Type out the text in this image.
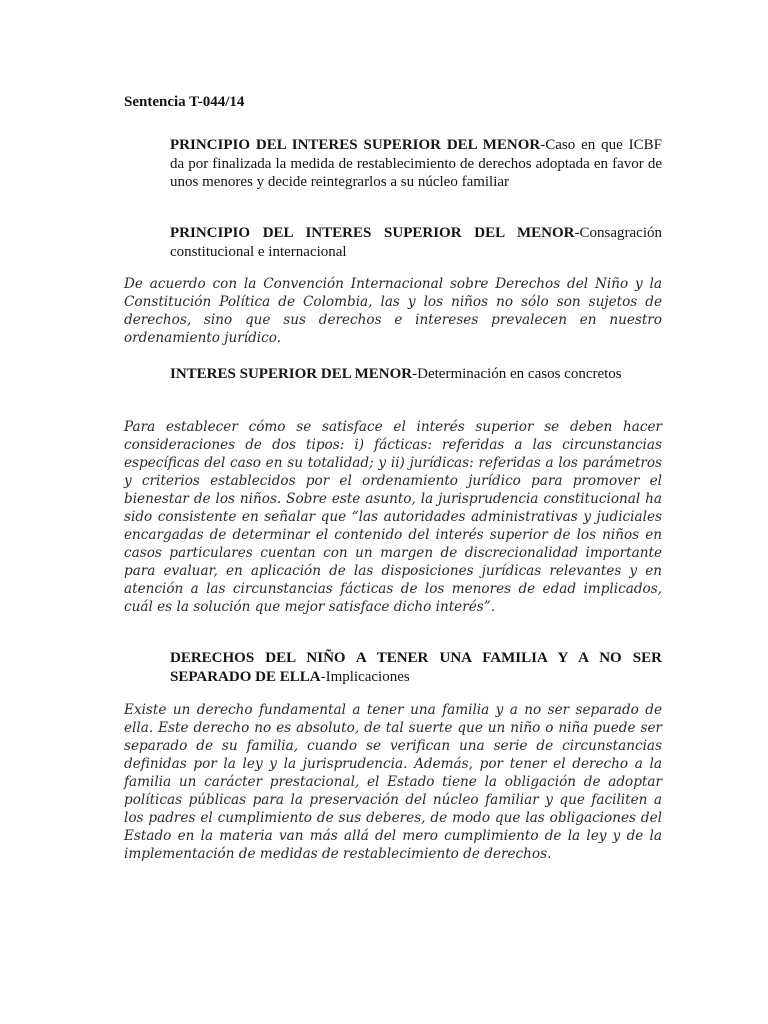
Sentencia T-044/14
PRINCIPIO DEL INTERES SUPERIOR DEL MENOR-Caso en que ICBF da por finalizada la medida de restablecimiento de derechos adoptada en favor de unos menores y decide reintegrarlos a su núcleo familiar
PRINCIPIO DEL INTERES SUPERIOR DEL MENOR-Consagración constitucional e internacional
De acuerdo con la Convención Internacional sobre Derechos del Niño y la Constitución Política de Colombia, las y los niños no sólo son sujetos de derechos, sino que sus derechos e intereses prevalecen en nuestro ordenamiento jurídico.
INTERES SUPERIOR DEL MENOR-Determinación en casos concretos
Para establecer cómo se satisface el interés superior se deben hacer consideraciones de dos tipos: i) fácticas: referidas a las circunstancias específicas del caso en su totalidad; y ii) jurídicas: referidas a los parámetros y criterios establecidos por el ordenamiento jurídico para promover el bienestar de los niños. Sobre este asunto, la jurisprudencia constitucional ha sido consistente en señalar que “las autoridades administrativas y judiciales encargadas de determinar el contenido del interés superior de los niños en casos particulares cuentan con un margen de discrecionalidad importante para evaluar, en aplicación de las disposiciones jurídicas relevantes y en atención a las circunstancias fácticas de los menores de edad implicados, cuál es la solución que mejor satisface dicho interés”.
DERECHOS DEL NIÑO A TENER UNA FAMILIA Y A NO SER SEPARADO DE ELLA-Implicaciones
Existe un derecho fundamental a tener una familia y a no ser separado de ella. Este derecho no es absoluto, de tal suerte que un niño o niña puede ser separado de su familia, cuando se verifican una serie de circunstancias definidas por la ley y la jurisprudencia. Además, por tener el derecho a la familia un carácter prestacional, el Estado tiene la obligación de adoptar políticas públicas para la preservación del núcleo familiar y que faciliten a los padres el cumplimiento de sus deberes, de modo que las obligaciones del Estado en la materia van más allá del mero cumplimiento de la ley y de la implementación de medidas de restablecimiento de derechos.
